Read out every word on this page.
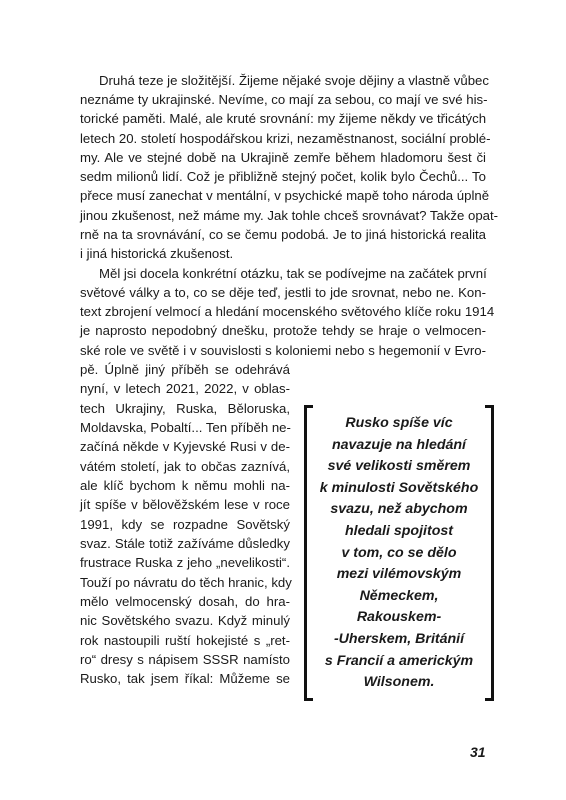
Druhá teze je složitější. Žijeme nějaké svoje dějiny a vlastně vůbec
neznáme ty ukrajinské. Nevíme, co mají za sebou, co mají ve své his-
torické paměti. Malé, ale kruté srovnání: my žijeme někdy ve třicátých
letech 20. století hospodářskou krizi, nezaměstnanost, sociální problé-
my. Ale ve stejné době na Ukrajině zemře během hladomoru šest či
sedm milionů lidí. Což je přibližně stejný počet, kolik bylo Čechů... To
přece musí zanechat v mentální, v psychické mapě toho národa úplně
jinou zkušenost, než máme my. Jak tohle chceš srovnávat? Takže opat-
rně na ta srovnávání, co se čemu podobá. Je to jiná historická realita
i jiná historická zkušenost.
Měl jsi docela konkrétní otázku, tak se podívejme na začátek první
světové války a to, co se děje teď, jestli to jde srovnat, nebo ne. Kon-
text zbrojení velmocí a hledání mocenského světového klíče roku 1914
je naprosto nepodobný dnešku, protože tehdy se hraje o velmocen-
ské role ve světě i v souvislosti s koloniemi nebo s hegemonií v Evro-
pě. Úplně jiný příběh se odehrává
nyní, v letech 2021, 2022, v oblas-
tech Ukrajiny, Ruska, Běloruska,
Moldavska, Pobaltí... Ten příběh ne-
začíná někde v Kyjevské Rusi v de-
vátém století, jak to občas zaznívá,
ale klíč bychom k němu mohli na-
jít spíše v bělověžském lese v roce
1991, kdy se rozpadne Sovětský
svaz. Stále totiž zažíváme důsledky
frustrace Ruska z jeho „nevelikosti“.
Touží po návratu do těch hranic, kdy
mělo velmocenský dosah, do hra-
nic Sovětského svazu. Když minulý
rok nastoupili ruští hokejisté s „ret-
ro“ dresy s nápisem SSSR namísto
Rusko, tak jsem říkal: Můžeme se
Rusko spíše víc
navazuje na hledání
své velikosti směrem
k minulosti Sovětského
svazu, než abychom
hledali spojitost
v tom, co se dělo
mezi vilémovským
Německem,
Rakouskem-
-Uherskem, Británií
s Francií a americkým
Wilsonem.
31
